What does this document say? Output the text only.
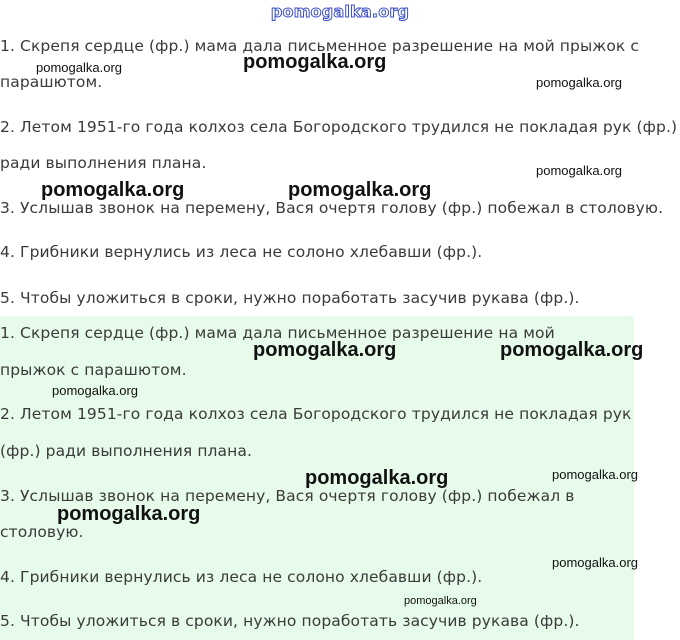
pomogalka.org
1. Скрепя сердце (фр.) мама дала письменное разрешение на мой прыжок с
парашютом.
2. Летом 1951-го года колхоз села Богородского трудился не покладая рук (фр.)
ради выполнения плана.
3. Услышав звонок на перемену, Вася очертя голову (фр.) побежал в столовую.
4. Грибники вернулись из леса не солоно хлебавши (фр.).
5. Чтобы уложиться в сроки, нужно поработать засучив рукава (фр.).
1. Скрепя сердце (фр.) мама дала письменное разрешение на мой
прыжок с парашютом.
2. Летом 1951-го года колхоз села Богородского трудился не покладая рук
(фр.) ради выполнения плана.
3. Услышав звонок на перемену, Вася очертя голову (фр.) побежал в
столовую.
4. Грибники вернулись из леса не солоно хлебавши (фр.).
5. Чтобы уложиться в сроки, нужно поработать засучив рукава (фр.).
pomogalka.org	pomogalka.org
pomogalka.org
pomogalka.org
pomogalka.org	pomogalka.org
pomogalka.org	pomogalka.org
pomogalka.org
pomogalka.org	pomogalka.org
pomogalka.org
pomogalka.org
pomogalka.org
